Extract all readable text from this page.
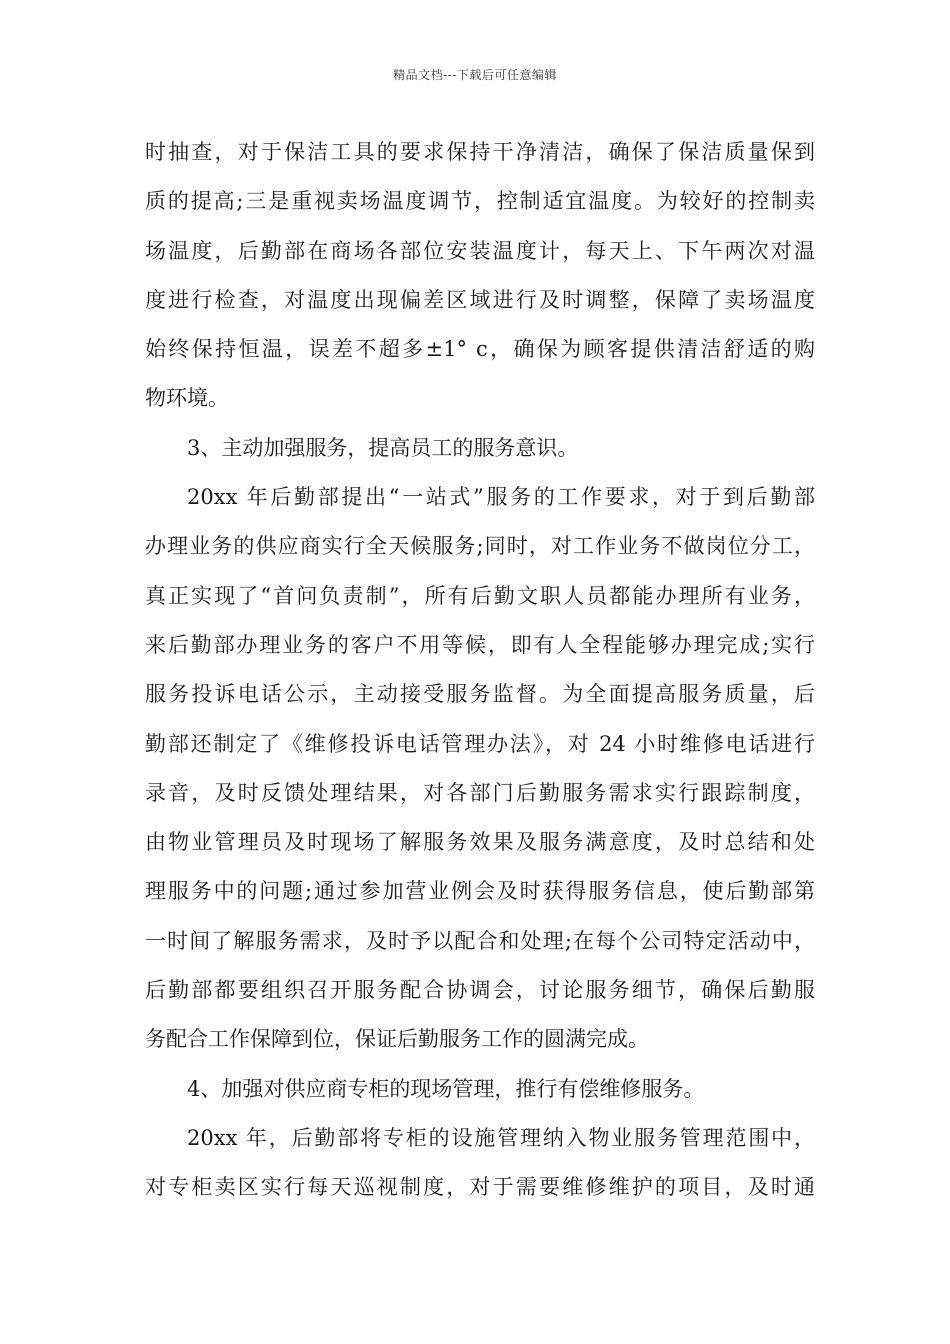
精品文档---下载后可任意编辑
时抽查，对于保洁工具的要求保持干净清洁，确保了保洁质量保到
质的提高;三是重视卖场温度调节，控制适宜温度。为较好的控制卖
场温度，后勤部在商场各部位安装温度计，每天上、下午两次对温
度进行检查，对温度出现偏差区域进行及时调整，保障了卖场温度
始终保持恒温，误差不超多±1° c，确保为顾客提供清洁舒适的购
物环境。
3、主动加强服务，提高员工的服务意识。
20xx 年后勤部提出“一站式”服务的工作要求，对于到后勤部
办理业务的供应商实行全天候服务;同时，对工作业务不做岗位分工，
真正实现了“首问负责制”，所有后勤文职人员都能办理所有业务，
来后勤部办理业务的客户不用等候，即有人全程能够办理完成;实行
服务投诉电话公示，主动接受服务监督。为全面提高服务质量，后
勤部还制定了《维修投诉电话管理办法》，对 24 小时维修电话进行
录音，及时反馈处理结果，对各部门后勤服务需求实行跟踪制度，
由物业管理员及时现场了解服务效果及服务满意度，及时总结和处
理服务中的问题;通过参加营业例会及时获得服务信息，使后勤部第
一时间了解服务需求，及时予以配合和处理;在每个公司特定活动中，
后勤部都要组织召开服务配合协调会，讨论服务细节，确保后勤服
务配合工作保障到位，保证后勤服务工作的圆满完成。
4、加强对供应商专柜的现场管理，推行有偿维修服务。
20xx 年，后勤部将专柜的设施管理纳入物业服务管理范围中，
对专柜卖区实行每天巡视制度，对于需要维修维护的项目，及时通
